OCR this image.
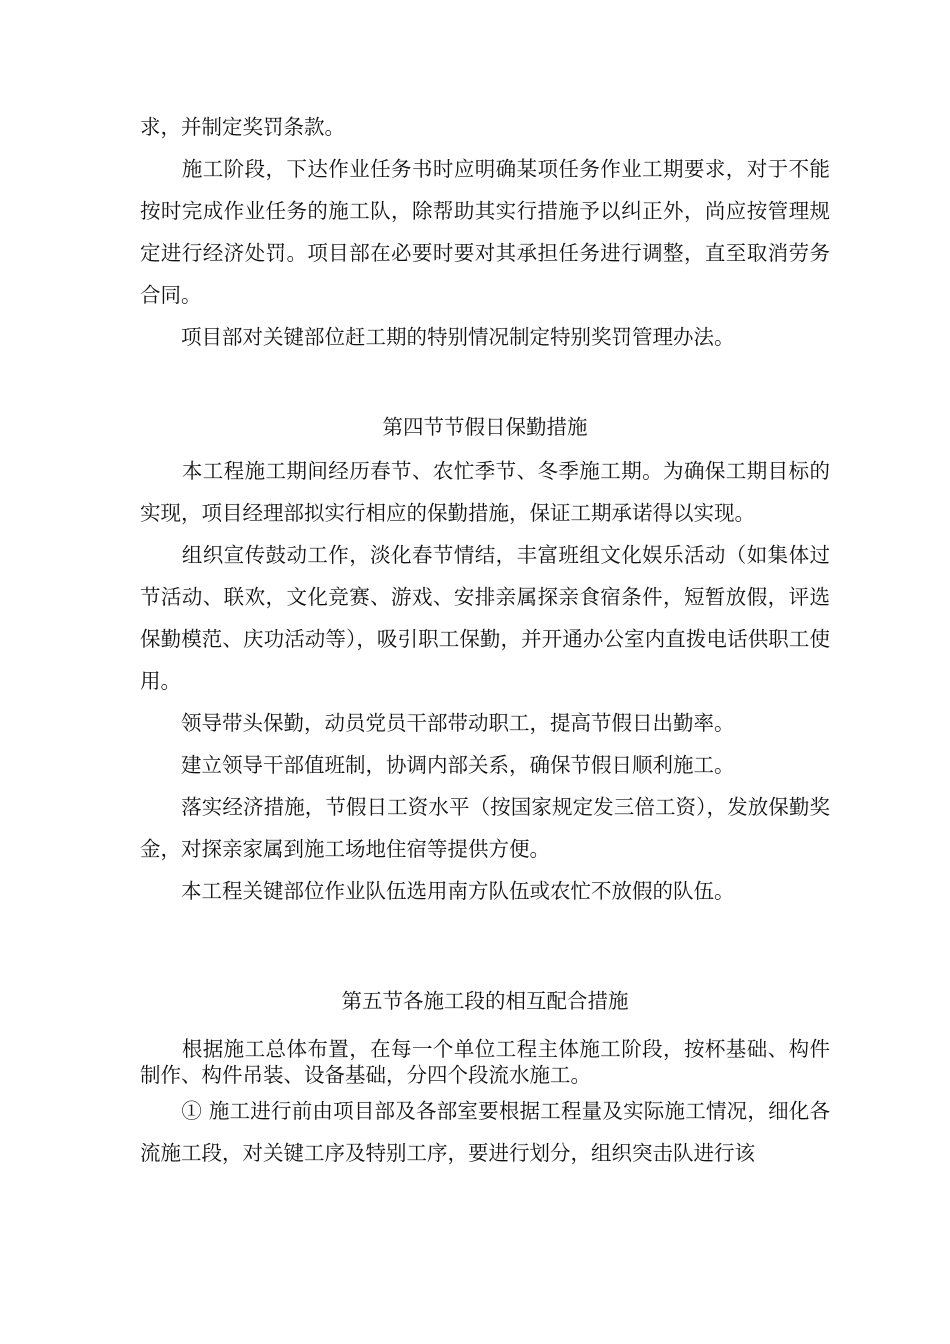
求，并制定奖罚条款。

　　施工阶段，下达作业任务书时应明确某项任务作业工期要求，对于不能按时完成作业任务的施工队，除帮助其实行措施予以纠正外，尚应按管理规定进行经济处罚。项目部在必要时要对其承担任务进行调整，直至取消劳务合同。

　　项目部对关键部位赶工期的特别情况制定特别奖罚管理办法。

第四节节假日保勤措施

　　本工程施工期间经历春节、农忙季节、冬季施工期。为确保工期目标的实现，项目经理部拟实行相应的保勤措施，保证工期承诺得以实现。

　　组织宣传鼓动工作，淡化春节情结，丰富班组文化娱乐活动（如集体过节活动、联欢，文化竞赛、游戏、安排亲属探亲食宿条件，短暂放假，评选保勤模范、庆功活动等），吸引职工保勤，并开通办公室内直拨电话供职工使用。

　　领导带头保勤，动员党员干部带动职工，提高节假日出勤率。

　　建立领导干部值班制，协调内部关系，确保节假日顺利施工。

　　落实经济措施，节假日工资水平（按国家规定发三倍工资），发放保勤奖金，对探亲家属到施工场地住宿等提供方便。

　　本工程关键部位作业队伍选用南方队伍或农忙不放假的队伍。

第五节各施工段的相互配合措施

　　根据施工总体布置，在每一个单位工程主体施工阶段，按杯基础、构件制作、构件吊装、设备基础，分四个段流水施工。

　　① 施工进行前由项目部及各部室要根据工程量及实际施工情况，细化各流施工段，对关键工序及特别工序，要进行划分，组织突击队进行该
